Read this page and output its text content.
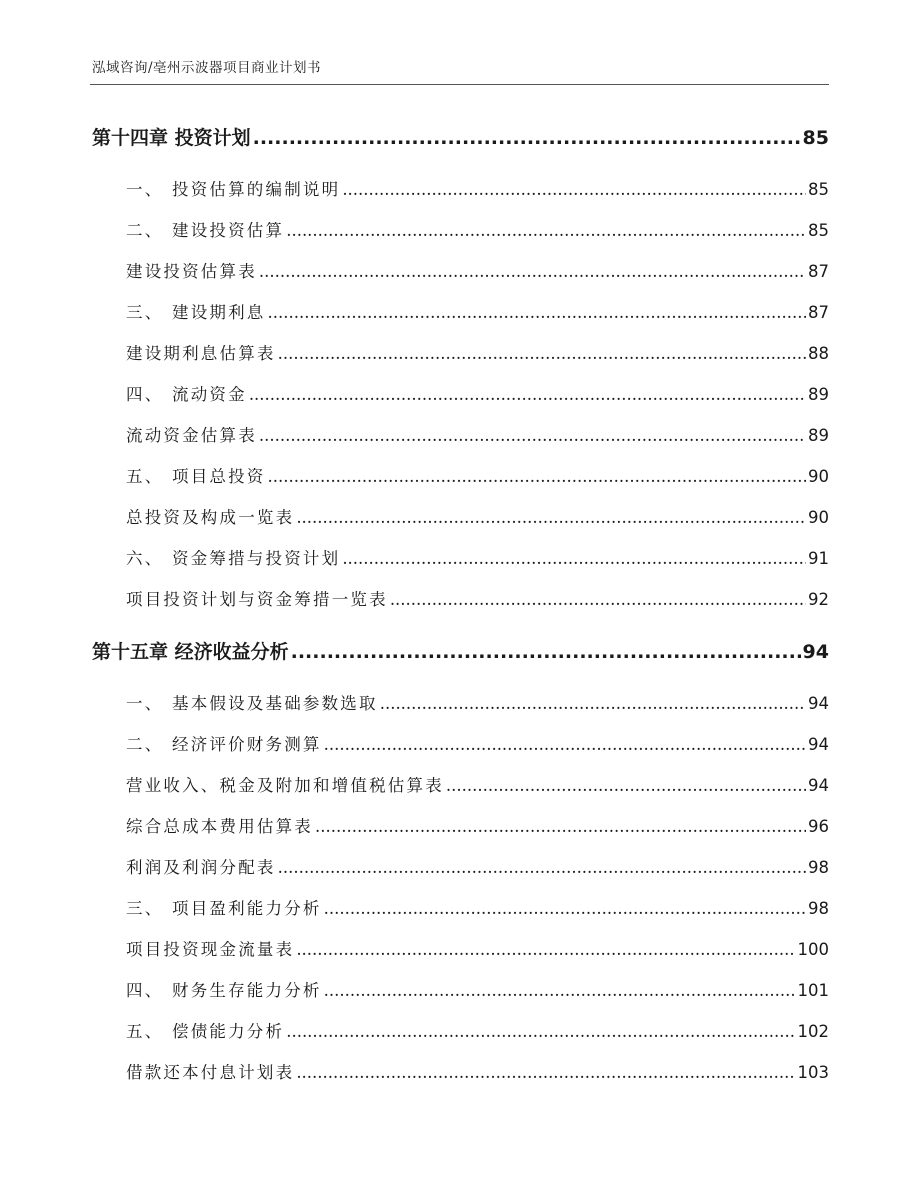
泓域咨询/亳州示波器项目商业计划书
第十四章 投资计划 .....	85
一、 投资估算的编制说明 .....	85
二、 建设投资估算 .....	85
建设投资估算表 .....	87
三、 建设期利息 .....	87
建设期利息估算表 .....	88
四、 流动资金 .....	89
流动资金估算表 .....	89
五、 项目总投资 .....	90
总投资及构成一览表 .....	90
六、 资金筹措与投资计划 .....	91
项目投资计划与资金筹措一览表 .....	92
第十五章 经济收益分析 .....	94
一、 基本假设及基础参数选取 .....	94
二、 经济评价财务测算 .....	94
营业收入、税金及附加和增值税估算表 .....	94
综合总成本费用估算表 .....	96
利润及利润分配表 .....	98
三、 项目盈利能力分析 .....	98
项目投资现金流量表 .....	100
四、 财务生存能力分析 .....	101
五、 偿债能力分析 .....	102
借款还本付息计划表 .....	103
